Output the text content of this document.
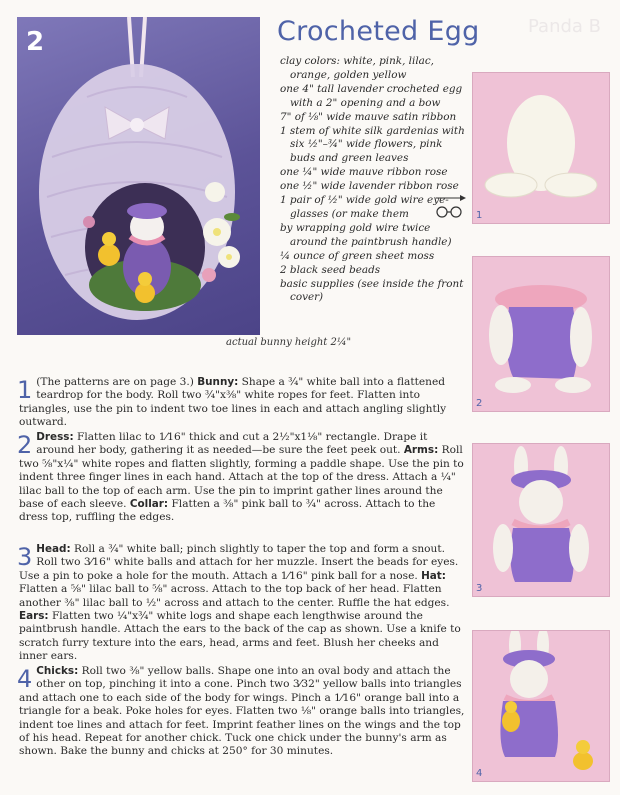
Panda B
2
actual bunny height 2¼"
Crocheted Egg
clay colors: white, pink, lilac, orange, golden yellow
one 4" tall lavender crocheted egg with a 2" opening and a bow
7" of ⅛" wide mauve satin ribbon
1 stem of white silk gardenias with six ½"–¾" wide flowers, pink buds and green leaves
one ¼" wide mauve ribbon rose
one ½" wide lavender ribbon rose
1 pair of ½" wide gold wire eye-glasses (or make them
by wrapping gold wire twice around the paintbrush handle)
¼ ounce of green sheet moss
2 black seed beads
basic supplies (see inside the front cover)
1
2
3
4
1 (The patterns are on page 3.) Bunny: Shape a ¾" white ball into a flattened teardrop for the body. Roll two ¾"x⅜" white ropes for feet. Flatten into triangles, use the pin to indent two toe lines in each and attach angling slightly outward.
2 Dress: Flatten lilac to 1⁄16" thick and cut a 2½"x1⅛" rectangle. Drape it around her body, gathering it as needed—be sure the feet peek out. Arms: Roll two ⅝"x¼" white ropes and flatten slightly, forming a paddle shape. Use the pin to indent three finger lines in each hand. Attach at the top of the dress. Attach a ¼" lilac ball to the top of each arm. Use the pin to imprint gather lines around the base of each sleeve. Collar: Flatten a ⅜" pink ball to ¾" across. Attach to the dress top, ruffling the edges.
3 Head: Roll a ¾" white ball; pinch slightly to taper the top and form a snout. Roll two 3⁄16" white balls and attach for her muzzle. Insert the beads for eyes. Use a pin to poke a hole for the mouth. Attach a 1⁄16" pink ball for a nose. Hat: Flatten a ⅝" lilac ball to ⅝" across. Attach to the top back of her head. Flatten another ⅜" lilac ball to ½" across and attach to the center. Ruffle the hat edges. Ears: Flatten two ¼"x¾" white logs and shape each lengthwise around the paintbrush handle. Attach the ears to the back of the cap as shown. Use a knife to scratch furry texture into the ears, head, arms and feet. Blush her cheeks and inner ears.
4 Chicks: Roll two ⅜" yellow balls. Shape one into an oval body and attach the other on top, pinching it into a cone. Pinch two 3⁄32" yellow balls into triangles and attach one to each side of the body for wings. Pinch a 1⁄16" orange ball into a triangle for a beak. Poke holes for eyes. Flatten two ⅛" orange balls into triangles, indent toe lines and attach for feet. Imprint feather lines on the wings and the top of his head. Repeat for another chick. Tuck one chick under the bunny's arm as shown. Bake the bunny and chicks at 250° for 30 minutes.
